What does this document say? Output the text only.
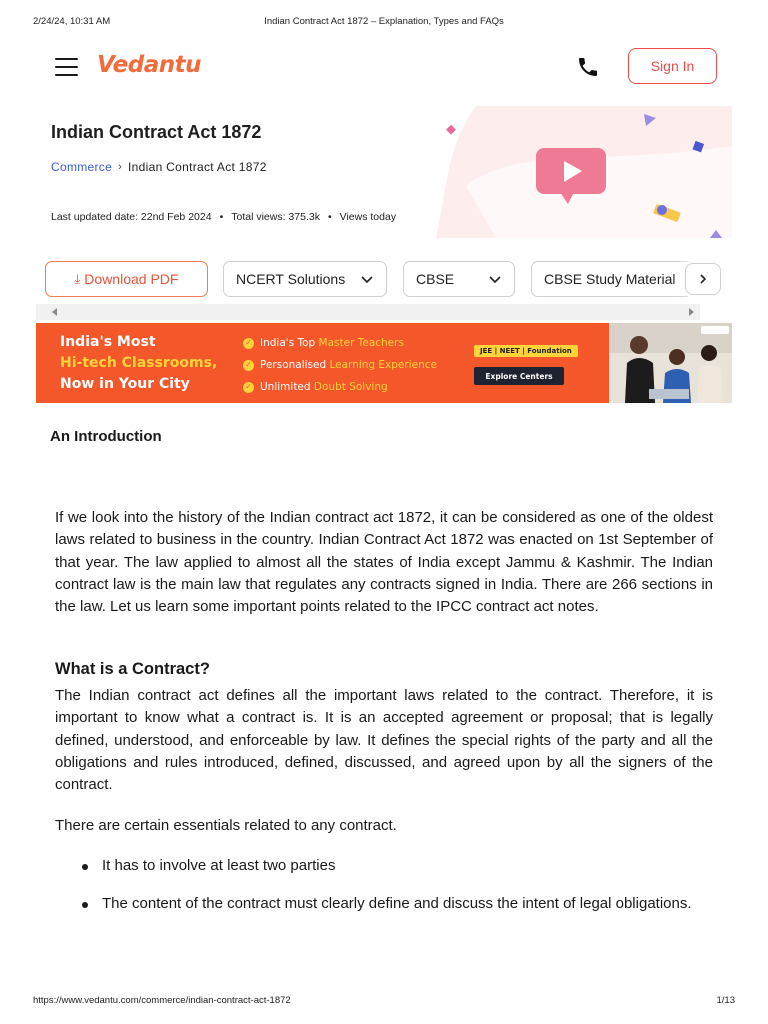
2/24/24, 10:31 AM	Indian Contract Act 1872 – Explanation, Types and FAQs
Vedantu	Sign In
Indian Contract Act 1872
Commerce › Indian Contract Act 1872
Last updated date: 22nd Feb 2024 • Total views: 375.3k • Views today
⤓ Download PDF	NCERT Solutions	CBSE	CBSE Study Material
India's Most
Hi-tech Classrooms,
Now in Your City
✓ India's Top Master Teachers
✓ Personalised Learning Experience
✓ Unlimited Doubt Solving
JEE | NEET | Foundation
Explore Centers
An Introduction

If we look into the history of the Indian contract act 1872, it can be considered as one of the oldest laws related to business in the country. Indian Contract Act 1872 was enacted on 1st September of that year. The law applied to almost all the states of India except Jammu & Kashmir. The Indian contract law is the main law that regulates any contracts signed in India. There are 266 sections in the law. Let us learn some important points related to the IPCC contract act notes.

What is a Contract?

The Indian contract act defines all the important laws related to the contract. Therefore, it is important to know what a contract is. It is an accepted agreement or proposal; that is legally defined, understood, and enforceable by law. It defines the special rights of the party and all the obligations and rules introduced, defined, discussed, and agreed upon by all the signers of the contract.

There are certain essentials related to any contract.

It has to involve at least two parties
The content of the contract must clearly define and discuss the intent of legal obligations.
https://www.vedantu.com/commerce/indian-contract-act-1872	1/13
